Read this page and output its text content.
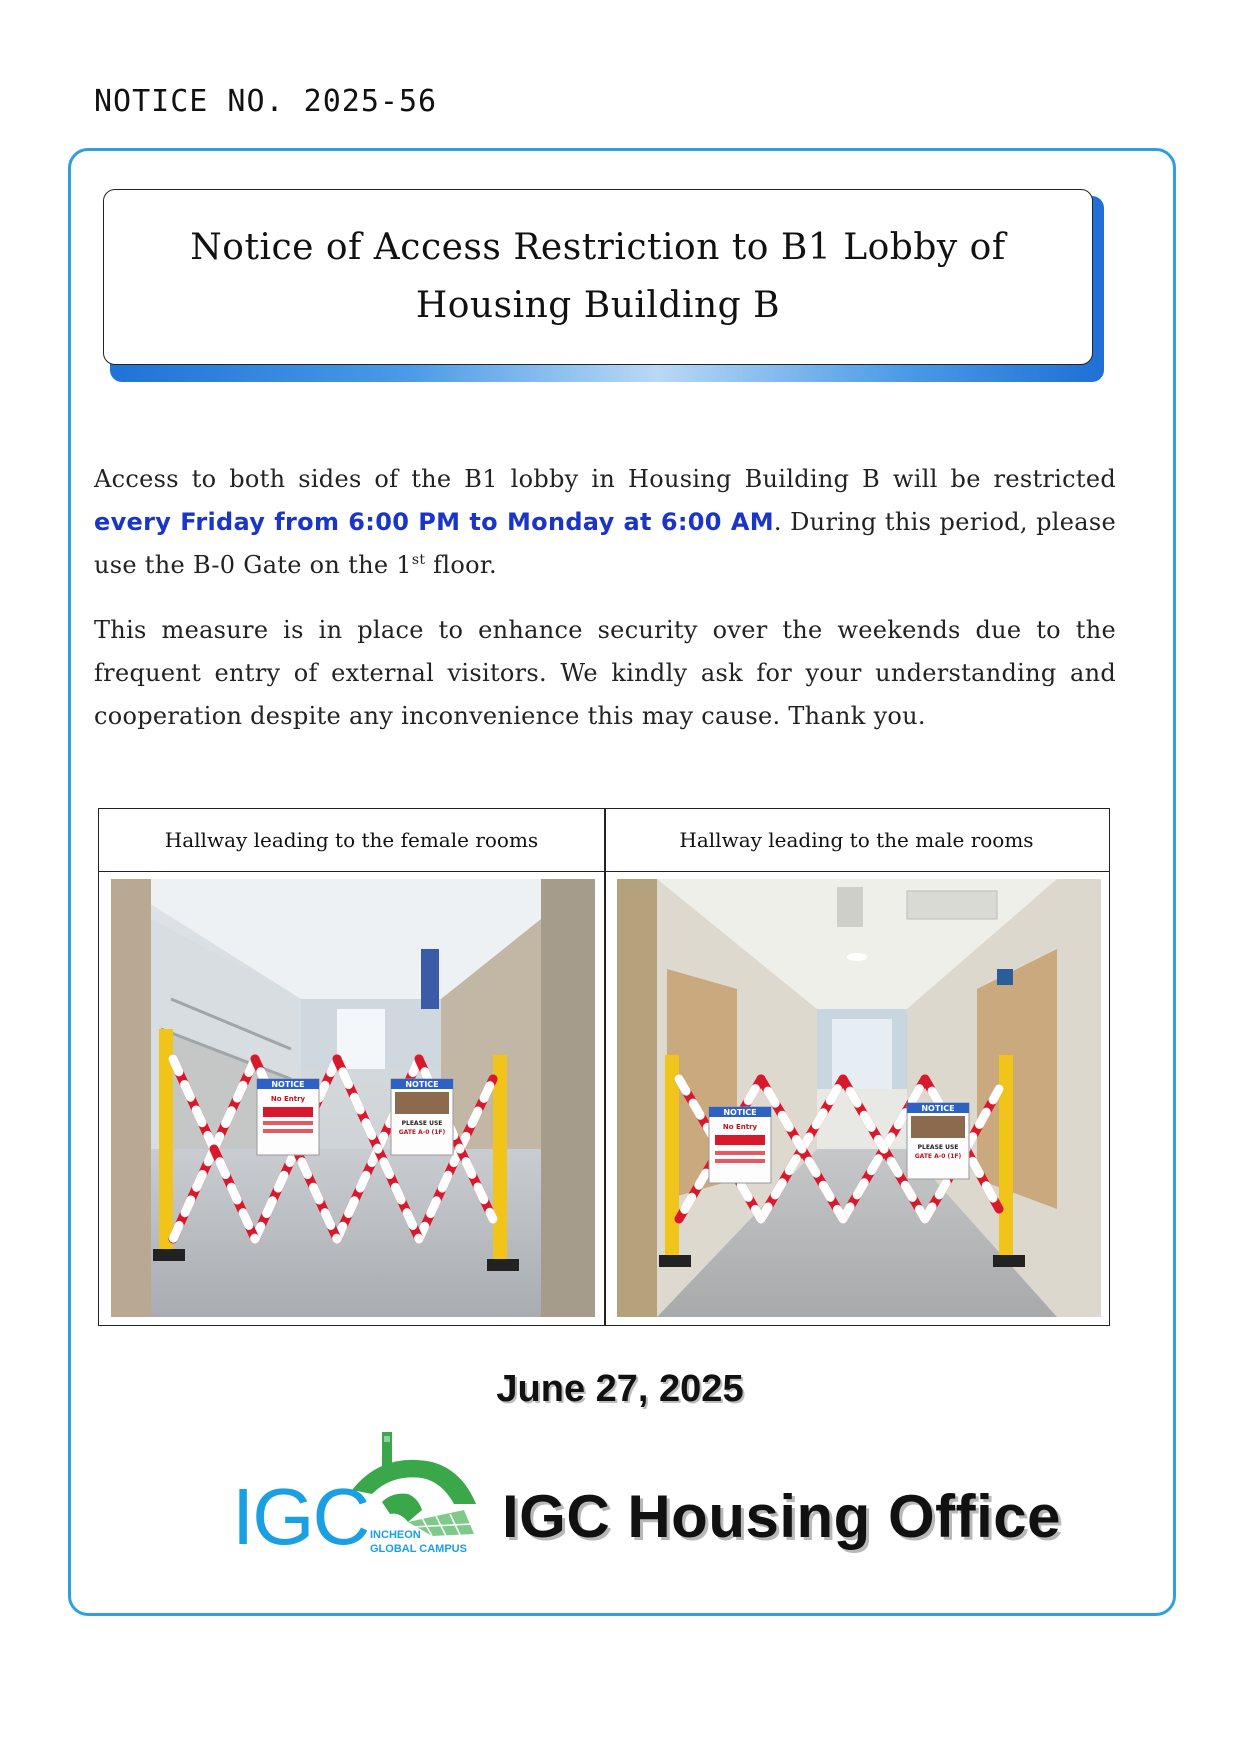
NOTICE NO. 2025-56
Notice of Access Restriction to B1 Lobby of
Housing Building B
Access to both sides of the B1 lobby in Housing Building B will be restricted every Friday from 6:00 PM to Monday at 6:00 AM. During this period, please use the B-0 Gate on the 1st floor.
This measure is in place to enhance security over the weekends due to the frequent entry of external visitors. We kindly ask for your understanding and cooperation despite any inconvenience this may cause. Thank you.
Hallway leading to the female rooms	Hallway leading to the male rooms
NOTICE
No Entry
NOTICE
PLEASE USE
GATE A-0 (1F)
NOTICE
No Entry
NOTICE
PLEASE USE
GATE A-0 (1F)
June 27, 2025
IGC INCHEON
GLOBAL CAMPUS IGC Housing Office
